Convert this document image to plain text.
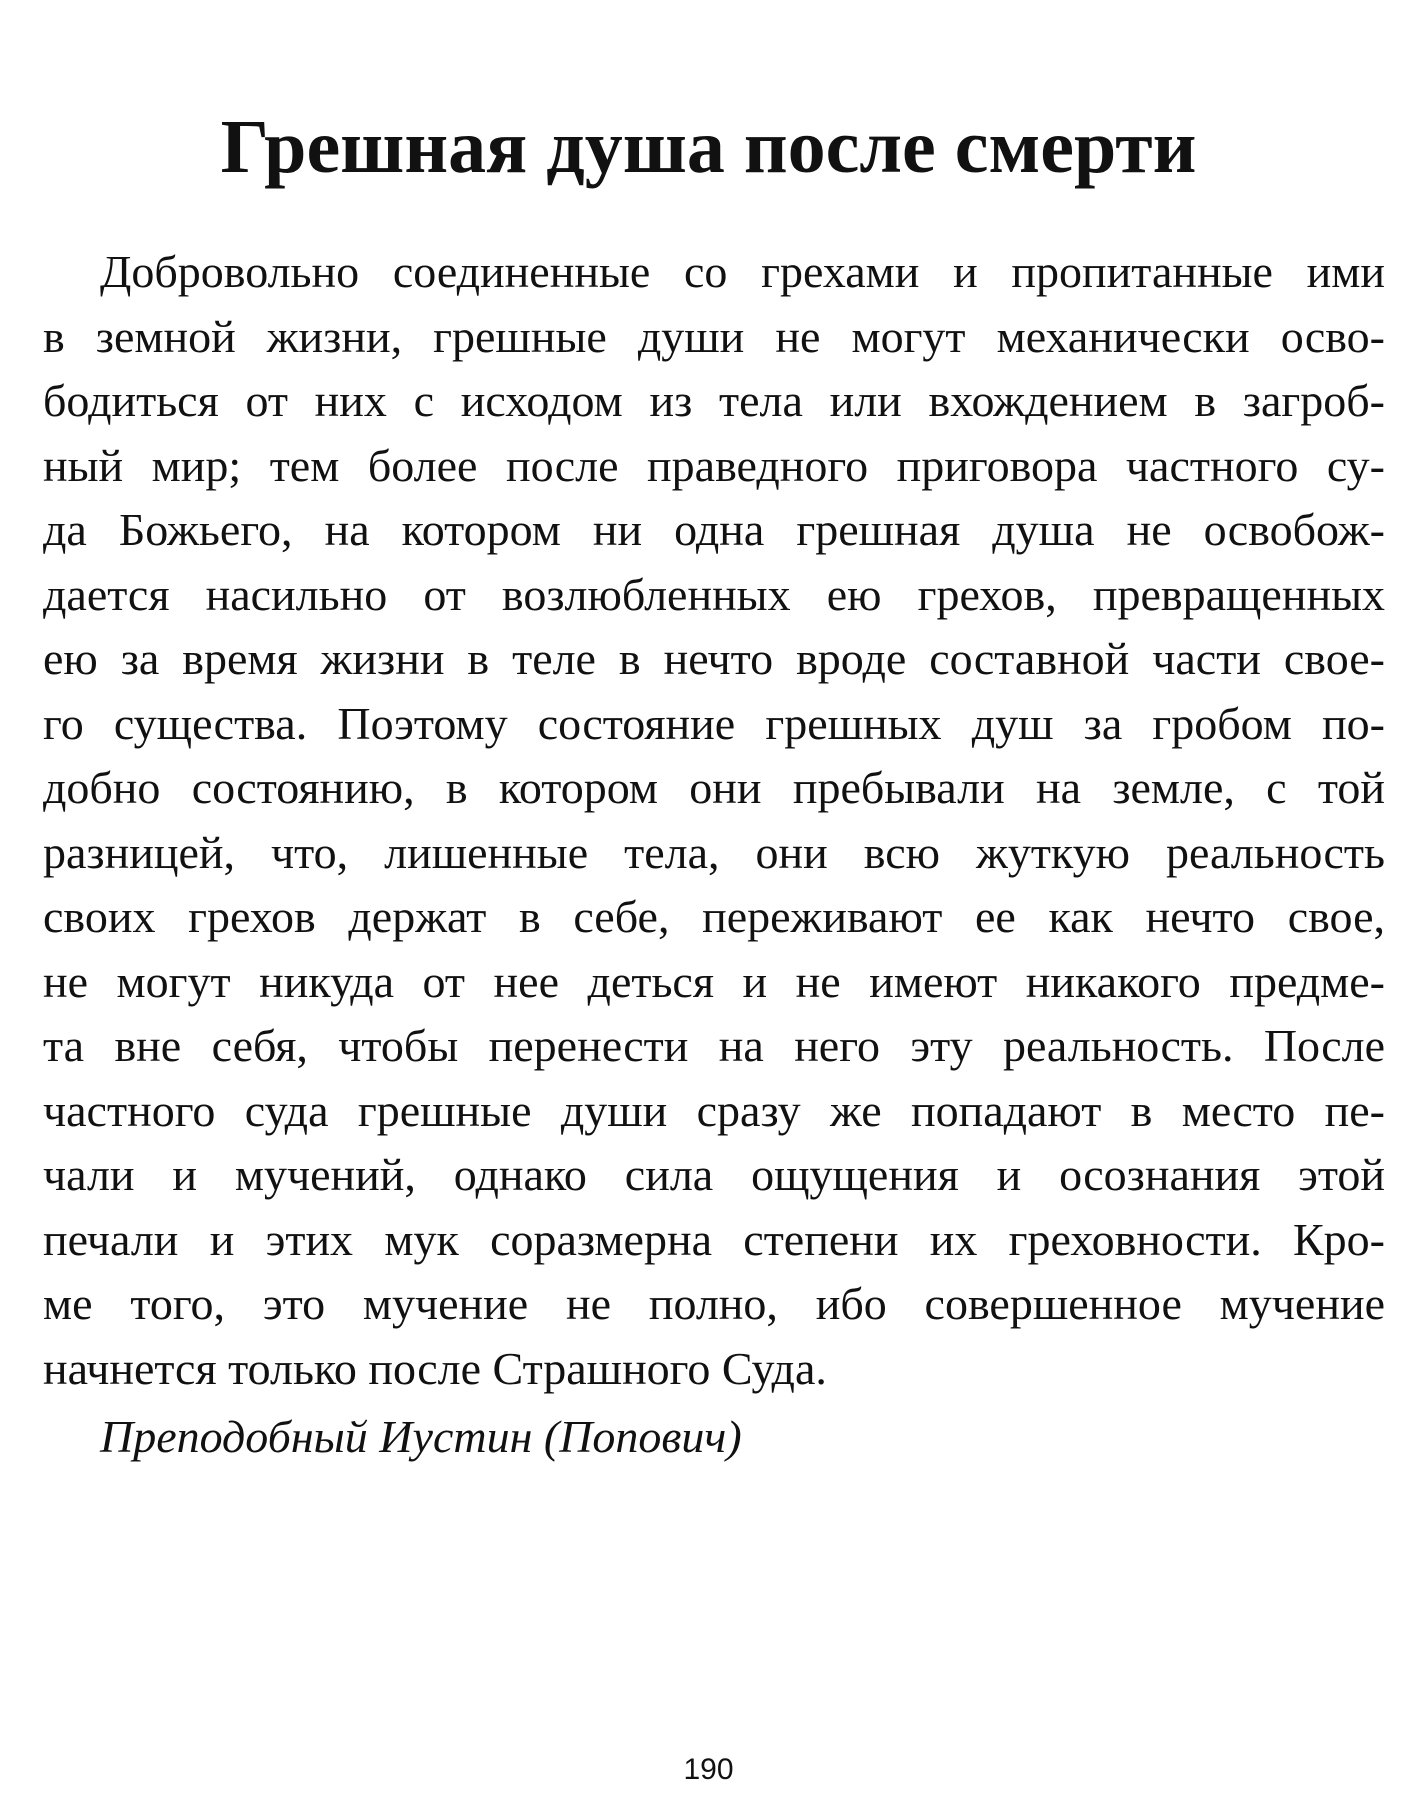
Грешная душа после смерти
Добровольно соединенные со грехами и пропитанные ими
в земной жизни, грешные души не могут механически осво-
бодиться от них с исходом из тела или вхождением в загроб-
ный мир; тем более после праведного приговора частного су-
да Божьего, на котором ни одна грешная душа не освобож-
дается насильно от возлюбленных ею грехов, превращенных
ею за время жизни в теле в нечто вроде составной части свое-
го существа. Поэтому состояние грешных душ за гробом по-
добно состоянию, в котором они пребывали на земле, с той
разницей, что, лишенные тела, они всю жуткую реальность
своих грехов держат в себе, переживают ее как нечто свое,
не могут никуда от нее деться и не имеют никакого предме-
та вне себя, чтобы перенести на него эту реальность. После
частного суда грешные души сразу же попадают в место пе-
чали и мучений, однако сила ощущения и осознания этой
печали и этих мук соразмерна степени их греховности. Кро-
ме того, это мучение не полно, ибо совершенное мучение
начнется только после Страшного Суда.
Преподобный Иустин (Попович)
190
